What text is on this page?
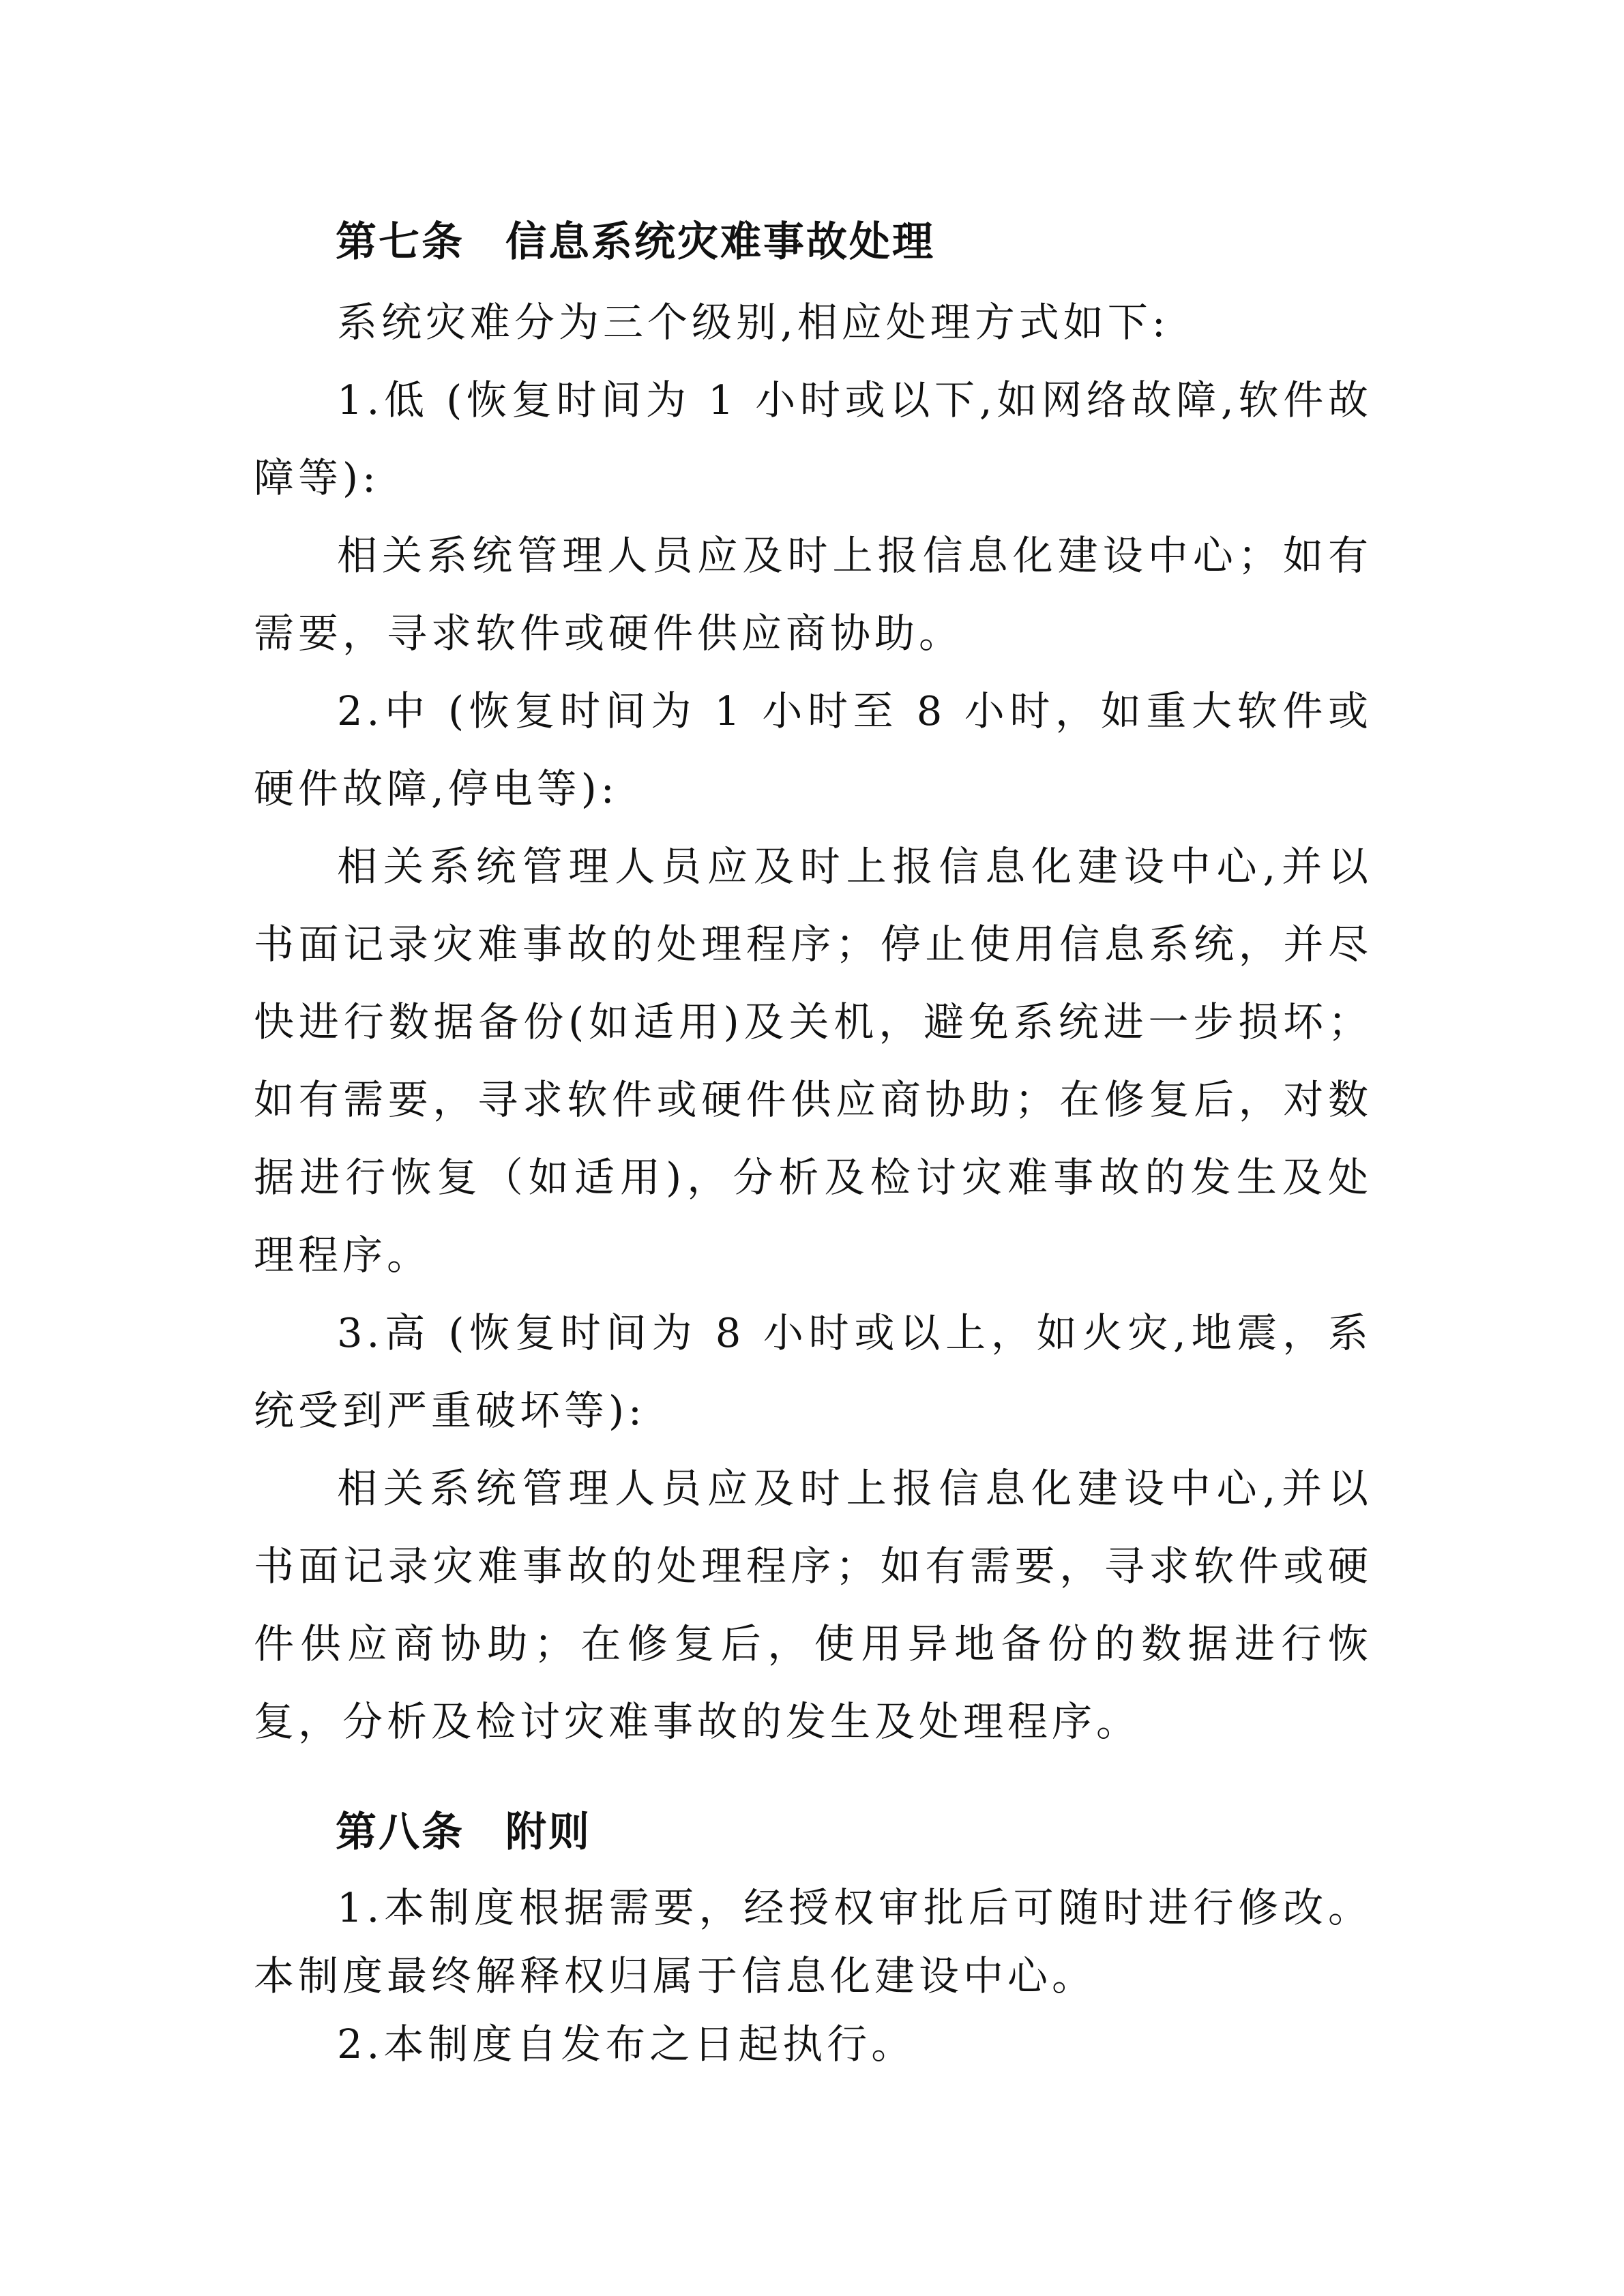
第七条 信息系统灾难事故处理

系统灾难分为三个级别,相应处理方式如下:

1.低 (恢复时间为 1 小时或以下,如网络故障,软件故障等):

相关系统管理人员应及时上报信息化建设中心；如有需要，寻求软件或硬件供应商协助。

2.中 (恢复时间为 1 小时至 8 小时，如重大软件或硬件故障,停电等):

相关系统管理人员应及时上报信息化建设中心,并以书面记录灾难事故的处理程序；停止使用信息系统，并尽快进行数据备份(如适用)及关机，避免系统进一步损坏；如有需要，寻求软件或硬件供应商协助；在修复后，对数据进行恢复（如适用)，分析及检讨灾难事故的发生及处理程序。

3.高 (恢复时间为 8 小时或以上，如火灾,地震，系统受到严重破坏等):

相关系统管理人员应及时上报信息化建设中心,并以书面记录灾难事故的处理程序；如有需要，寻求软件或硬件供应商协助；在修复后，使用异地备份的数据进行恢复，分析及检讨灾难事故的发生及处理程序。

第八条 附则

1.本制度根据需要，经授权审批后可随时进行修改。本制度最终解释权归属于信息化建设中心。

2.本制度自发布之日起执行。
